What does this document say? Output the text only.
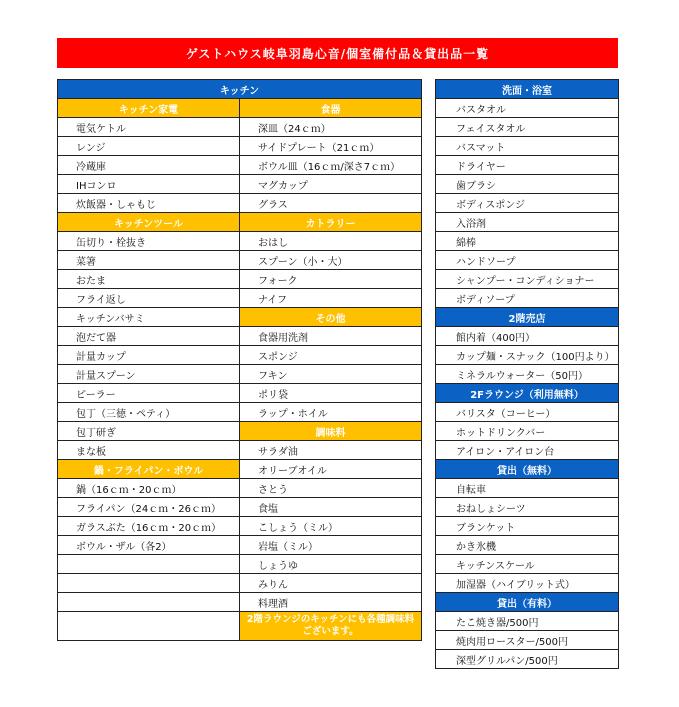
ゲストハウス岐阜羽島心音/個室備付品＆貸出品一覧
キッチン	
キッチン家電	食器
電気ケトル	深皿（24ｃｍ）
レンジ	サイドプレート（21ｃｍ）
冷蔵庫	ボウル皿（16ｃｍ/深さ7ｃｍ）
IHコンロ	マグカップ
炊飯器・しゃもじ	グラス
キッチンツール	カトラリー
缶切り・栓抜き	おはし
菜箸	スプーン（小・大）
おたま	フォーク
フライ返し	ナイフ
キッチンバサミ	その他
泡だて器	食器用洗剤
計量カップ	スポンジ
計量スプーン	フキン
ピーラー	ポリ袋
包丁（三徳・ペティ）	ラップ・ホイル
包丁研ぎ	調味料
まな板	サラダ油
鍋・フライパン・ボウル	オリーブオイル
鍋（16ｃｍ・20ｃｍ）	さとう
フライパン（24ｃｍ・26ｃｍ）	食塩
ガラスぶた（16ｃｍ・20ｃｍ）	こしょう（ミル）
ボウル・ザル（各2）	岩塩（ミル）
	しょうゆ
	みりん
	料理酒
	2階ラウンジのキッチンにも各種調味料ございます。
洗面・浴室
バスタオル
フェイスタオル
バスマット
ドライヤー
歯ブラシ
ボディスポンジ
入浴剤
綿棒
ハンドソープ
シャンプー・コンディショナー
ボディソープ
2階売店
館内着（400円）
カップ麺・スナック（100円より）
ミネラルウォーター（50円）
2Fラウンジ（利用無料）
バリスタ（コーヒー）
ホットドリンクバー
アイロン・アイロン台
貸出（無料）
自転車
おねしょシーツ
ブランケット
かき氷機
キッチンスケール
加湿器（ハイブリット式）
貸出（有料）
たこ焼き器/500円
焼肉用ロースター/500円
深型グリルパン/500円
